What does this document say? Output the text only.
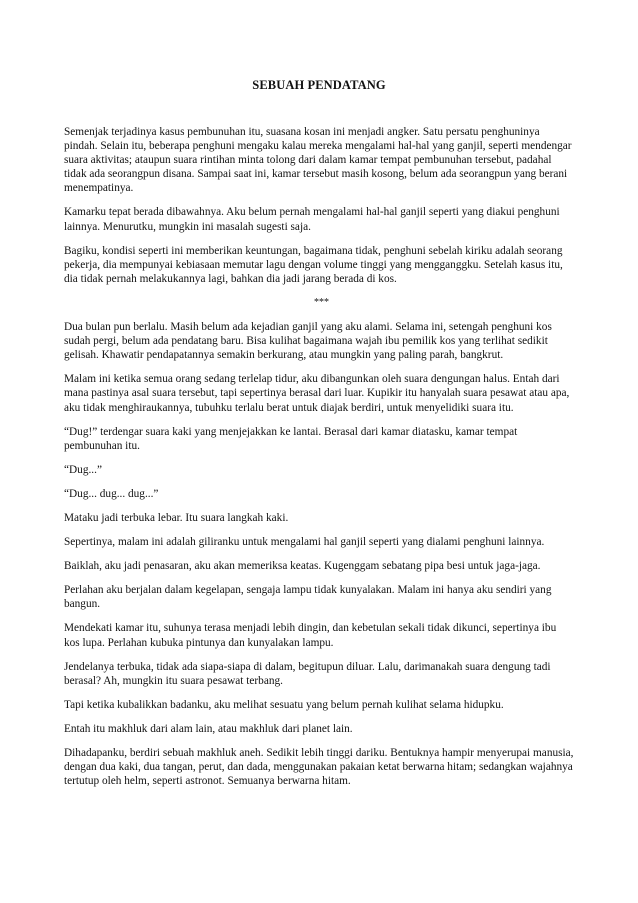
SEBUAH PENDATANG

Semenjak terjadinya kasus pembunuhan itu, suasana kosan ini menjadi angker. Satu persatu penghuninya pindah. Selain itu, beberapa penghuni mengaku kalau mereka mengalami hal-hal yang ganjil, seperti mendengar suara aktivitas; ataupun suara rintihan minta tolong dari dalam kamar tempat pembunuhan tersebut, padahal tidak ada seorangpun disana. Sampai saat ini, kamar tersebut masih kosong, belum ada seorangpun yang berani menempatinya.

Kamarku tepat berada dibawahnya. Aku belum pernah mengalami hal-hal ganjil seperti yang diakui penghuni lainnya. Menurutku, mungkin ini masalah sugesti saja.

Bagiku, kondisi seperti ini memberikan keuntungan, bagaimana tidak, penghuni sebelah kiriku adalah seorang pekerja, dia mempunyai kebiasaan memutar lagu dengan volume tinggi yang mengganggku. Setelah kasus itu, dia tidak pernah melakukannya lagi, bahkan dia jadi jarang berada di kos.

***

Dua bulan pun berlalu. Masih belum ada kejadian ganjil yang aku alami. Selama ini, setengah penghuni kos sudah pergi, belum ada pendatang baru. Bisa kulihat bagaimana wajah ibu pemilik kos yang terlihat sedikit gelisah. Khawatir pendapatannya semakin berkurang, atau mungkin yang paling parah, bangkrut.

Malam ini ketika semua orang sedang terlelap tidur, aku dibangunkan oleh suara dengungan halus. Entah dari mana pastinya asal suara tersebut, tapi sepertinya berasal dari luar. Kupikir itu hanyalah suara pesawat atau apa, aku tidak menghiraukannya, tubuhku terlalu berat untuk diajak berdiri, untuk menyelidiki suara itu.

“Dug!” terdengar suara kaki yang menjejakkan ke lantai. Berasal dari kamar diatasku, kamar tempat pembunuhan itu.

“Dug...”

“Dug... dug... dug...”

Mataku jadi terbuka lebar. Itu suara langkah kaki.

Sepertinya, malam ini adalah giliranku untuk mengalami hal ganjil seperti yang dialami penghuni lainnya.

Baiklah, aku jadi penasaran, aku akan memeriksa keatas. Kugenggam sebatang pipa besi untuk jaga-jaga.

Perlahan aku berjalan dalam kegelapan, sengaja lampu tidak kunyalakan. Malam ini hanya aku sendiri yang bangun.

Mendekati kamar itu, suhunya terasa menjadi lebih dingin, dan kebetulan sekali tidak dikunci, sepertinya ibu kos lupa. Perlahan kubuka pintunya dan kunyalakan lampu.

Jendelanya terbuka, tidak ada siapa-siapa di dalam, begitupun diluar. Lalu, darimanakah suara dengung tadi berasal? Ah, mungkin itu suara pesawat terbang.

Tapi ketika kubalikkan badanku, aku melihat sesuatu yang belum pernah kulihat selama hidupku.

Entah itu makhluk dari alam lain, atau makhluk dari planet lain.

Dihadapanku, berdiri sebuah makhluk aneh. Sedikit lebih tinggi dariku. Bentuknya hampir menyerupai manusia, dengan dua kaki, dua tangan, perut, dan dada, menggunakan pakaian ketat berwarna hitam; sedangkan wajahnya tertutup oleh helm, seperti astronot. Semuanya berwarna hitam.
